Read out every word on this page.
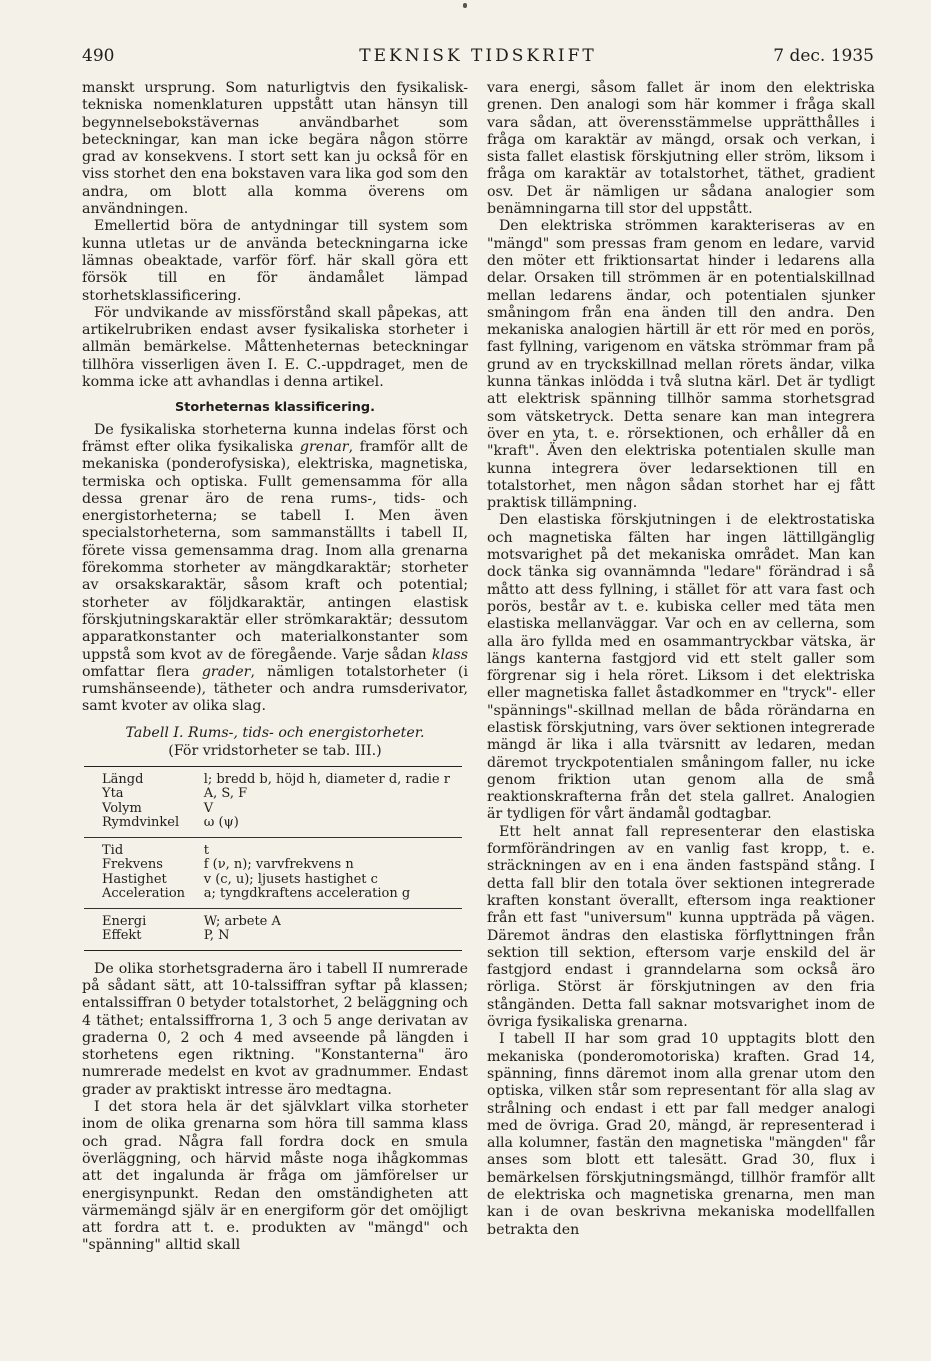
490	TEKNISK TIDSKRIFT	7 dec. 1935

manskt ursprung. Som naturligtvis den fysikalisk-tekniska nomenklaturen uppstått utan hänsyn till begynnelsebokstävernas användbarhet som beteckningar, kan man icke begära någon större grad av konsekvens. I stort sett kan ju också för en viss storhet den ena bokstaven vara lika god som den andra, om blott alla komma överens om användningen.

Emellertid böra de antydningar till system som kunna utletas ur de använda beteckningarna icke lämnas obeaktade, varför förf. här skall göra ett försök till en för ändamålet lämpad storhetsklassificering.

För undvikande av missförstånd skall påpekas, att artikelrubriken endast avser fysikaliska storheter i allmän bemärkelse. Måttenheternas beteckningar tillhöra visserligen även I. E. C.-uppdraget, men de komma icke att avhandlas i denna artikel.

Storheternas klassificering.

De fysikaliska storheterna kunna indelas först och främst efter olika fysikaliska grenar, framför allt de mekaniska (ponderofysiska), elektriska, magnetiska, termiska och optiska. Fullt gemensamma för alla dessa grenar äro de rena rums-, tids- och energistorheterna; se tabell I. Men även specialstorheterna, som sammanställts i tabell II, förete vissa gemensamma drag. Inom alla grenarna förekomma storheter av mängdkaraktär; storheter av orsakskaraktär, såsom kraft och potential; storheter av följdkaraktär, antingen elastisk förskjutningskaraktär eller strömkaraktär; dessutom apparatkonstanter och materialkonstanter som uppstå som kvot av de föregående. Varje sådan klass omfattar flera grader, nämligen totalstorheter (i rumshänseende), tätheter och andra rumsderivator, samt kvoter av olika slag.

Tabell I. Rums-, tids- och energistorheter.
(För vridstorheter se tab. III.)
Längd	l; bredd b, höjd h, diameter d, radie r
Yta	A, S, F
Volym	V
Rymdvinkel	ω (ψ)
Tid	t
Frekvens	f (ν, n); varvfrekvens n
Hastighet	v (c, u); ljusets hastighet c
Acceleration	a; tyngdkraftens acceleration g
Energi	W; arbete A
Effekt	P, N

De olika storhetsgraderna äro i tabell II numrerade på sådant sätt, att 10-talssiffran syftar på klassen; entalssiffran 0 betyder totalstorhet, 2 beläggning och 4 täthet; entalssiffrorna 1, 3 och 5 ange derivatan av graderna 0, 2 och 4 med avseende på längden i storhetens egen riktning. "Konstanterna" äro numrerade medelst en kvot av gradnummer. Endast grader av praktiskt intresse äro medtagna.

I det stora hela är det självklart vilka storheter inom de olika grenarna som höra till samma klass och grad. Några fall fordra dock en smula överläggning, och härvid måste noga ihågkommas att det ingalunda är fråga om jämförelser ur energisynpunkt. Redan den omständigheten att värmemängd själv är en energiform gör det omöjligt att fordra att t. e. produkten av "mängd" och "spänning" alltid skall

vara energi, såsom fallet är inom den elektriska grenen. Den analogi som här kommer i fråga skall vara sådan, att överensstämmelse upprätthålles i fråga om karaktär av mängd, orsak och verkan, i sista fallet elastisk förskjutning eller ström, liksom i fråga om karaktär av totalstorhet, täthet, gradient osv. Det är nämligen ur sådana analogier som benämningarna till stor del uppstått.

Den elektriska strömmen karakteriseras av en "mängd" som pressas fram genom en ledare, varvid den möter ett friktionsartat hinder i ledarens alla delar. Orsaken till strömmen är en potentialskillnad mellan ledarens ändar, och potentialen sjunker småningom från ena änden till den andra. Den mekaniska analogien härtill är ett rör med en porös, fast fyllning, varigenom en vätska strömmar fram på grund av en tryckskillnad mellan rörets ändar, vilka kunna tänkas inlödda i två slutna kärl. Det är tydligt att elektrisk spänning tillhör samma storhetsgrad som vätsketryck. Detta senare kan man integrera över en yta, t. e. rörsektionen, och erhåller då en "kraft". Även den elektriska potentialen skulle man kunna integrera över ledarsektionen till en totalstorhet, men någon sådan storhet har ej fått praktisk tillämpning.

Den elastiska förskjutningen i de elektrostatiska och magnetiska fälten har ingen lättillgänglig motsvarighet på det mekaniska området. Man kan dock tänka sig ovannämnda "ledare" förändrad i så måtto att dess fyllning, i stället för att vara fast och porös, består av t. e. kubiska celler med täta men elastiska mellanväggar. Var och en av cellerna, som alla äro fyllda med en osammantryckbar vätska, är längs kanterna fastgjord vid ett stelt galler som förgrenar sig i hela röret. Liksom i det elektriska eller magnetiska fallet åstadkommer en "tryck"- eller "spännings"-skillnad mellan de båda rörändarna en elastisk förskjutning, vars över sektionen integrerade mängd är lika i alla tvärsnitt av ledaren, medan däremot tryckpotentialen småningom faller, nu icke genom friktion utan genom alla de små reaktionskrafterna från det stela gallret. Analogien är tydligen för vårt ändamål godtagbar.

Ett helt annat fall representerar den elastiska formförändringen av en vanlig fast kropp, t. e. sträckningen av en i ena änden fastspänd stång. I detta fall blir den totala över sektionen integrerade kraften konstant överallt, eftersom inga reaktioner från ett fast "universum" kunna uppträda på vägen. Däremot ändras den elastiska förflyttningen från sektion till sektion, eftersom varje enskild del är fastgjord endast i granndelarna som också äro rörliga. Störst är förskjutningen av den fria stångänden. Detta fall saknar motsvarighet inom de övriga fysikaliska grenarna.

I tabell II har som grad 10 upptagits blott den mekaniska (ponderomotoriska) kraften. Grad 14, spänning, finns däremot inom alla grenar utom den optiska, vilken står som representant för alla slag av strålning och endast i ett par fall medger analogi med de övriga. Grad 20, mängd, är representerad i alla kolumner, fastän den magnetiska "mängden" får anses som blott ett talesätt. Grad 30, flux i bemärkelsen förskjutningsmängd, tillhör framför allt de elektriska och magnetiska grenarna, men man kan i de ovan beskrivna mekaniska modellfallen betrakta den
